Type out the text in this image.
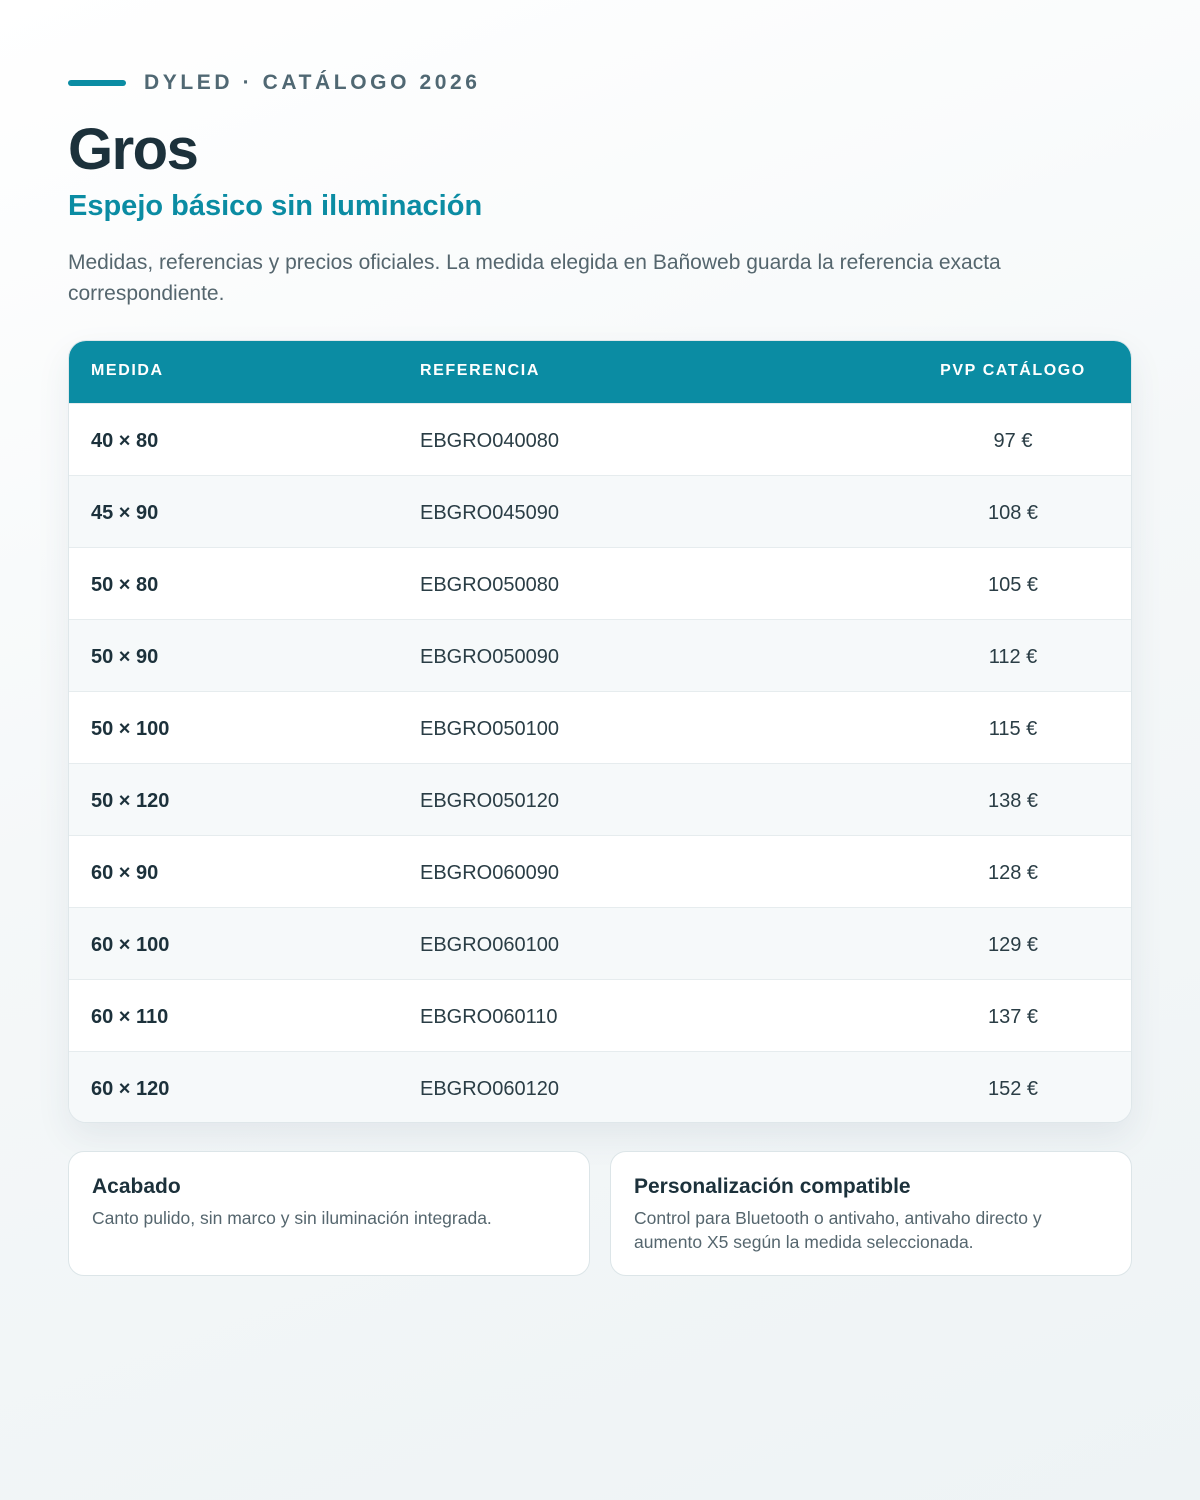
DYLED · CATÁLOGO 2026
Gros
Espejo básico sin iluminación

Medidas, referencias y precios oficiales. La medida elegida en Bañoweb guarda la referencia exacta correspondiente.

MEDIDA	REFERENCIA	PVP CATÁLOGO
40 × 80	EBGRO040080	97 €
45 × 90	EBGRO045090	108 €
50 × 80	EBGRO050080	105 €
50 × 90	EBGRO050090	112 €
50 × 100	EBGRO050100	115 €
50 × 120	EBGRO050120	138 €
60 × 90	EBGRO060090	128 €
60 × 100	EBGRO060100	129 €
60 × 110	EBGRO060110	137 €
60 × 120	EBGRO060120	152 €
Acabado
Canto pulido, sin marco y sin iluminación integrada.
Personalización compatible
Control para Bluetooth o antivaho, antivaho directo y aumento X5 según la medida seleccionada.
